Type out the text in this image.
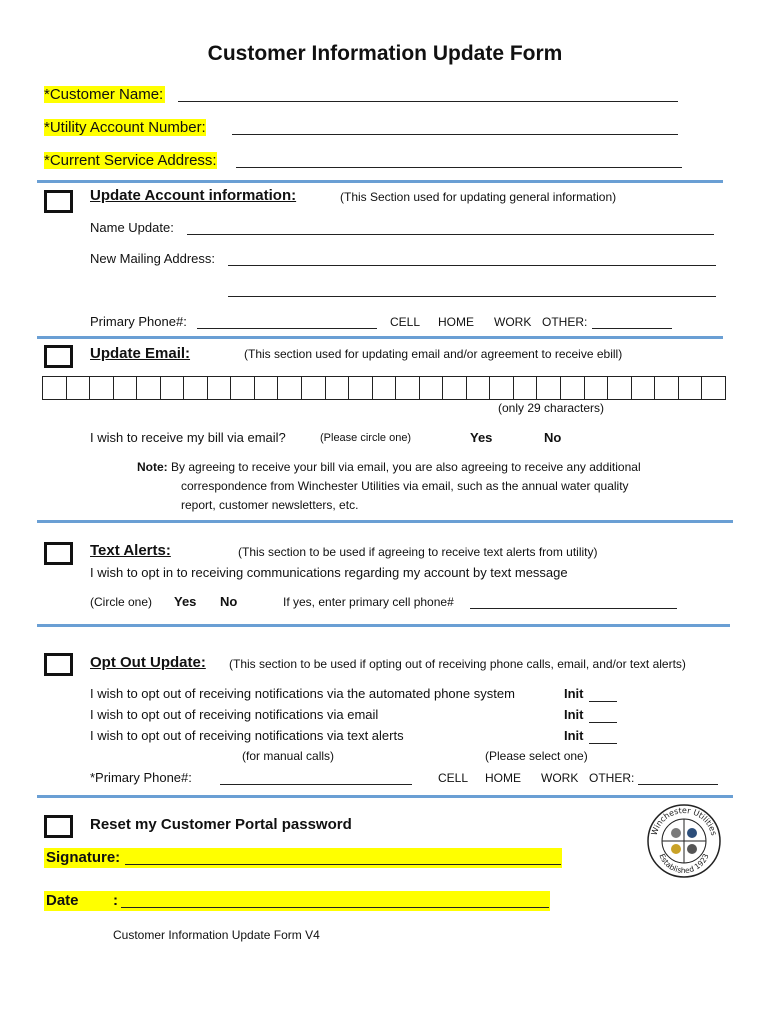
Customer Information Update Form
*Customer Name:
*Utility Account Number:
*Current Service Address:
Update Account information:	(This Section used for updating general information)
Name Update:
New Mailing Address:
Primary Phone#:	CELL HOME WORK OTHER:
Update Email:	(This section used for updating email and/or agreement to receive ebill)
(only 29 characters)
I wish to receive my bill via email?	(Please circle one)	Yes	No
Note: By agreeing to receive your bill via email, you are also agreeing to receive any additional
correspondence from Winchester Utilities via email, such as the annual water quality
report, customer newsletters, etc.
Text Alerts:	(This section to be used if agreeing to receive text alerts from utility)
I wish to opt in to receiving communications regarding my account by text message
(Circle one) Yes No	If yes, enter primary cell phone#
Opt Out Update: (This section to be used if opting out of receiving phone calls, email, and/or text alerts)
I wish to opt out of receiving notifications via the automated phone system	Init
I wish to opt out of receiving notifications via email	Init
I wish to opt out of receiving notifications via text alerts	Init
(for manual calls)	(Please select one)
*Primary Phone#:	CELL HOME WORK OTHER:
Reset my Customer Portal password	Winchester Utilities
Established 1923
Signature:
Date :
Customer Information Update Form V4
